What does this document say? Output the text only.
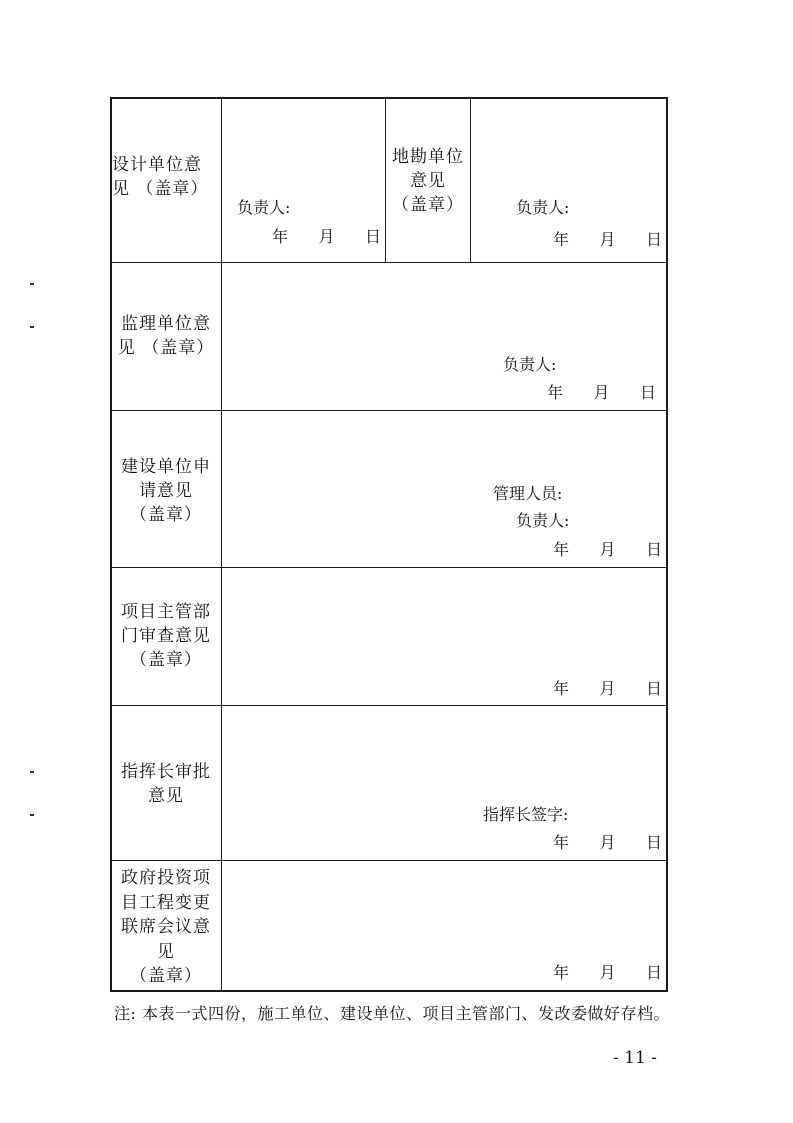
设计单位意
见 （盖章）
负责人:
年      月      日
地勘单位
意见
（盖章）	负责人:
年      月      日
监理单位意
见 （盖章）
负责人:
年      月      日
建设单位申
请意见
（盖章）
管理人员:
负责人:
年      月      日
项目主管部
门审查意见
（盖章）
年      月      日
指挥长审批
意见
指挥长签字:
年      月      日
政府投资项
目工程变更
联席会议意
见
（盖章）	年      月      日
注: 本表一式四份，施工单位、建设单位、项目主管部门、发改委做好存档。
- 11 -
